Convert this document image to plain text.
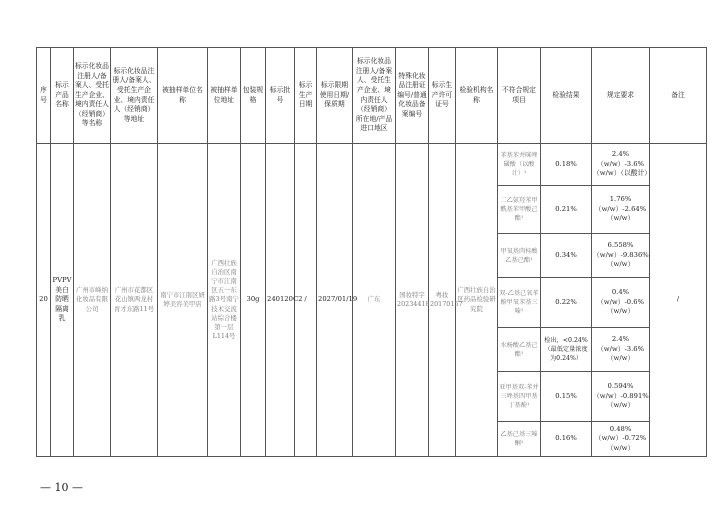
序号	标示产品名称	标示化妆品注册人/备案人、受托生产企业、境内责任人（经销商）等名称	标示化妆品注册人/备案人、受托生产企业、境内责任人（经销商）等地址	被抽样单位名称	被抽样单位地址	包装规格	标示批号	标示生产日期	标示限期使用日期/保质期	标示化妆品注册人/备案人、受托生产企业、境内责任人（经销商）所在地/产品进口地区	特殊化妆品注册证编号/普通化妆品备案编号	标示生产许可证号	检验机构名称	不符合规定项目	检验结果	规定要求	备注
20	PVPV美白防晒隔离乳	广州市峰纳化妆品有限公司	广州市花都区花山镇两龙村育才东路11号	南宁市江南区妍婷美容美甲店	广西壮族自治区南宁市江南区五一东路3号南宁技术交流站综合楼第一层L114号	30g	240120C2	/	2027/01/19	广东	国妆特字20234418	粤妆20170157	广西壮族自治区药品检验研究院	苯基苯并咪唑磺酸（以酸计）¹	0.18%	2.4%（w/w）-3.6%（w/w）（以酸计）	/
														二乙氨羟苯甲酰基苯甲酸己酯¹	0.21%	1.76%（w/w）-2.64%（w/w）	
														甲氧基肉桂酸乙基己酯¹	0.34%	6.558%（w/w）-9.836%（w/w）	
														双-乙基己氧苯酚甲氧苯基三嗪¹	0.22%	0.4%（w/w）-0.6%（w/w）	
														水杨酸乙基己酯¹	检出，<0.24%（最低定量浓度为0.24%）	2.4%（w/w）-3.6%（w/w）	
														亚甲基双-苯并三唑基四甲基丁基酚¹	0.15%	0.594%（w/w）-0.891%（w/w）	
														乙基己基三嗪酮¹	0.16%	0.48%（w/w）-0.72%（w/w）	
— 10 —
